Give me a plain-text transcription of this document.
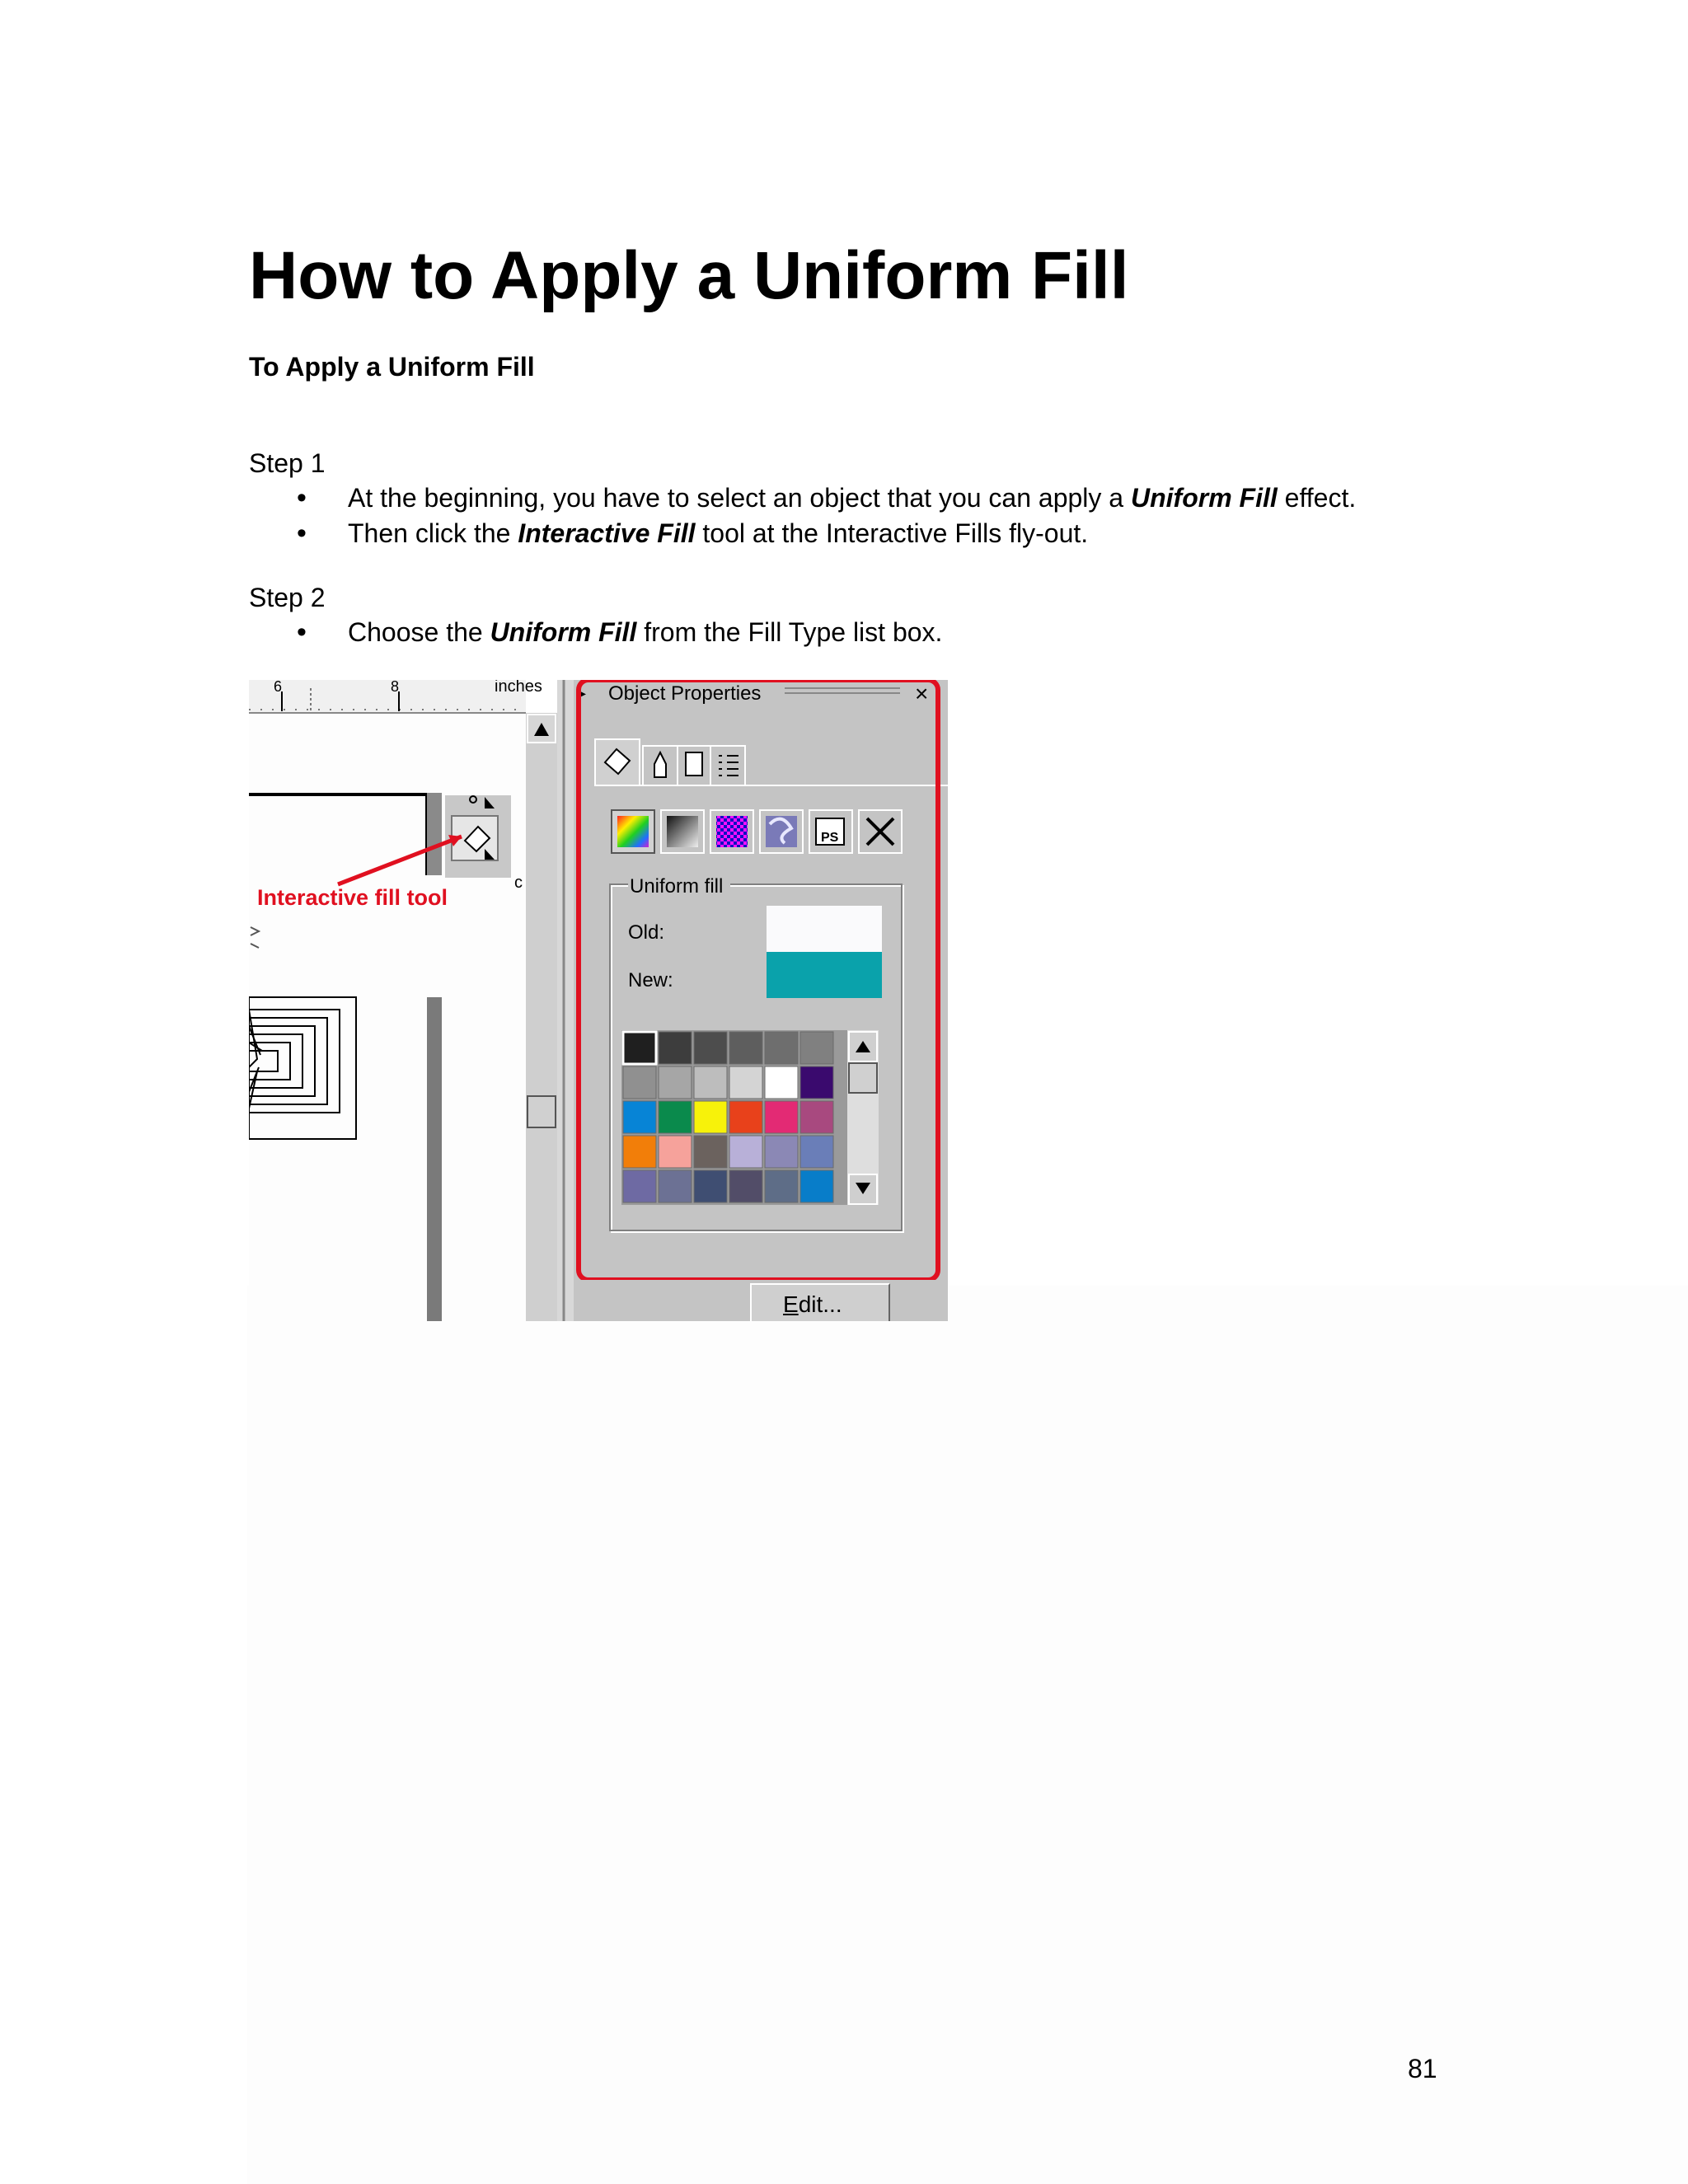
How to Apply a Uniform Fill
To Apply a Uniform Fill
Step 1
• At the beginning, you have to select an object that you can apply a Uniform Fill effect.
• Then click the Interactive Fill tool at the Interactive Fills fly-out.
Step 2
• Choose the Uniform Fill from the Fill Type list box.
6	8	inches
c
Interactive fill tool
▸ Object Properties	×
PS
Uniform fill
Old:
New:
Edit...
81
